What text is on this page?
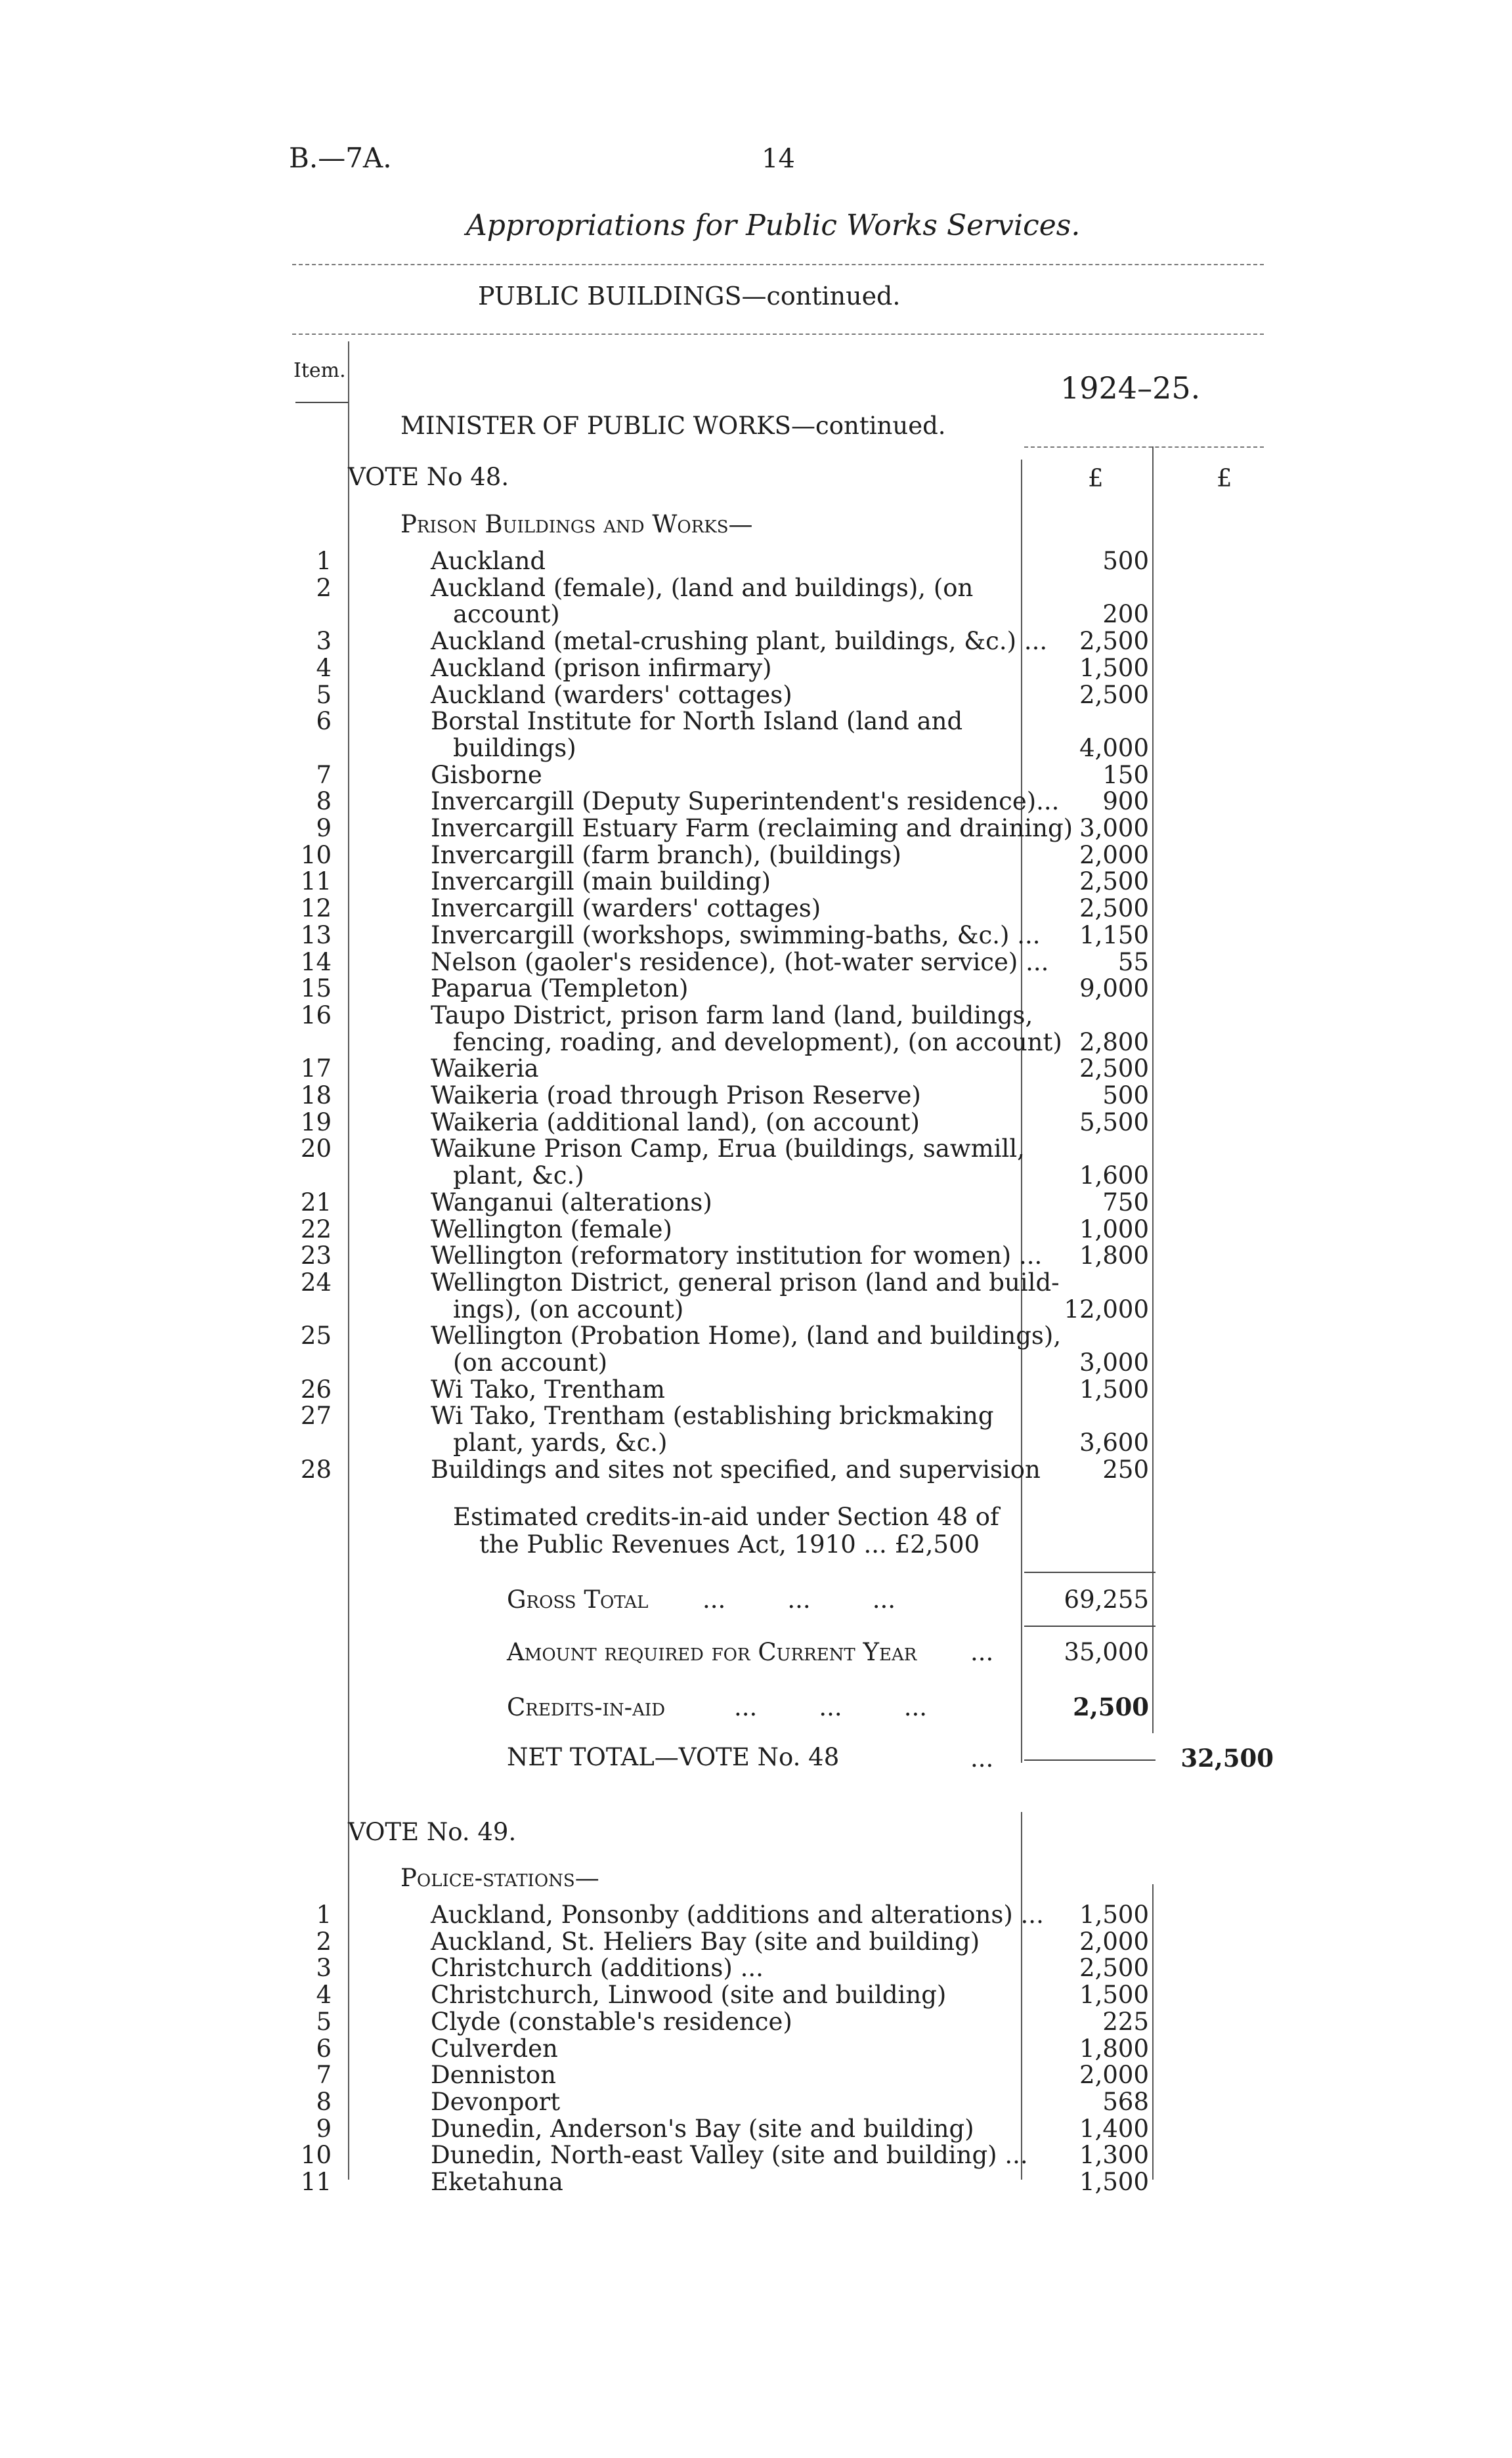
B.—7A.	14
Appropriations for Public Works Services.
PUBLIC BUILDINGS—continued.
Item.	1924–25.
MINISTER OF PUBLIC WORKS—continued.
VOTE No 48.	£	£
Prison Buildings and Works—
1	Auckland	500
2	Auckland (female), (land and buildings), (on
account)	200
3	Auckland (metal-crushing plant, buildings, &c.) ...	2,500
4	Auckland (prison infirmary)	1,500
5	Auckland (warders' cottages)	2,500
6	Borstal Institute for North Island (land and
buildings)	4,000
7	Gisborne	150
8	Invercargill (Deputy Superintendent's residence)...	900
9	Invercargill Estuary Farm (reclaiming and draining) 3,000
10	Invercargill (farm branch), (buildings)	2,000
11	Invercargill (main building)	2,500
12	Invercargill (warders' cottages)	2,500
13	Invercargill (workshops, swimming-baths, &c.) ...	1,150
14	Nelson (gaoler's residence), (hot-water service) ...	55
15	Paparua (Templeton)	9,000
16	Taupo District, prison farm land (land, buildings,
fencing, roading, and development), (on account) 2,800
17	Waikeria	2,500
18	Waikeria (road through Prison Reserve)	500
19	Waikeria (additional land), (on account)	5,500
20	Waikune Prison Camp, Erua (buildings, sawmill,
plant, &c.)	1,600
21	Wanganui (alterations)	750
22	Wellington (female)	1,000
23	Wellington (reformatory institution for women) ...	1,800
24	Wellington District, general prison (land and build-
ings), (on account)	12,000
25	Wellington (Probation Home), (land and buildings),
(on account)	3,000
26	Wi Tako, Trentham	1,500
27	Wi Tako, Trentham (establishing brickmaking
plant, yards, &c.)	3,600
28	Buildings and sites not specified, and supervision	250
Estimated credits-in-aid under Section 48 of
the Public Revenues Act, 1910 ... £2,500
Gross Total ...        ...        ...	69,255
Amount required for Current Year ...	35,000
Credits-in-aid	...        ...        ...	2,500
NET TOTAL—VOTE No. 48	...	32,500
VOTE No. 49.
Police-stations—
1	Auckland, Ponsonby (additions and alterations) ...	1,500
2	Auckland, St. Heliers Bay (site and building)	2,000
3	Christchurch (additions) ...	2,500
4	Christchurch, Linwood (site and building)	1,500
5	Clyde (constable's residence)	225
6	Culverden	1,800
7	Denniston	2,000
8	Devonport	568
9	Dunedin, Anderson's Bay (site and building)	1,400
10	Dunedin, North-east Valley (site and building) ...	1,300
11	Eketahuna	1,500
